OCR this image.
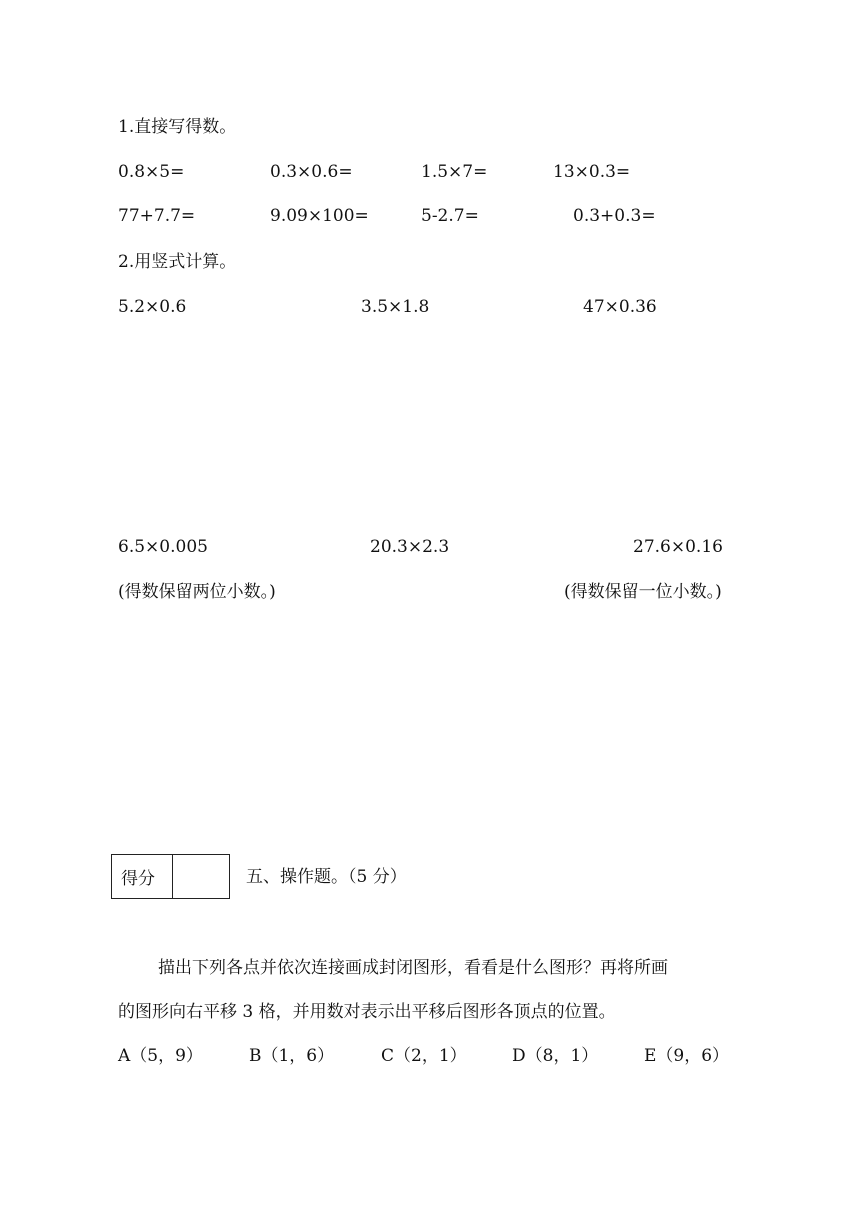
1.直接写得数。
0.8×5=	0.3×0.6=	1.5×7=	13×0.3=
77+7.7=	9.09×100=	5-2.7=	0.3+0.3=
2.用竖式计算。
5.2×0.6	3.5×1.8	47×0.36
6.5×0.005	20.3×2.3	27.6×0.16
(得数保留两位小数。)	(得数保留一位小数。)
得分	五、操作题。（5 分）
描出下列各点并依次连接画成封闭图形，看看是什么图形？再将所画
的图形向右平移 3 格，并用数对表示出平移后图形各顶点的位置。
A（5，9）	B（1，6）	C（2，1）	D（8，1）	E（9，6）
